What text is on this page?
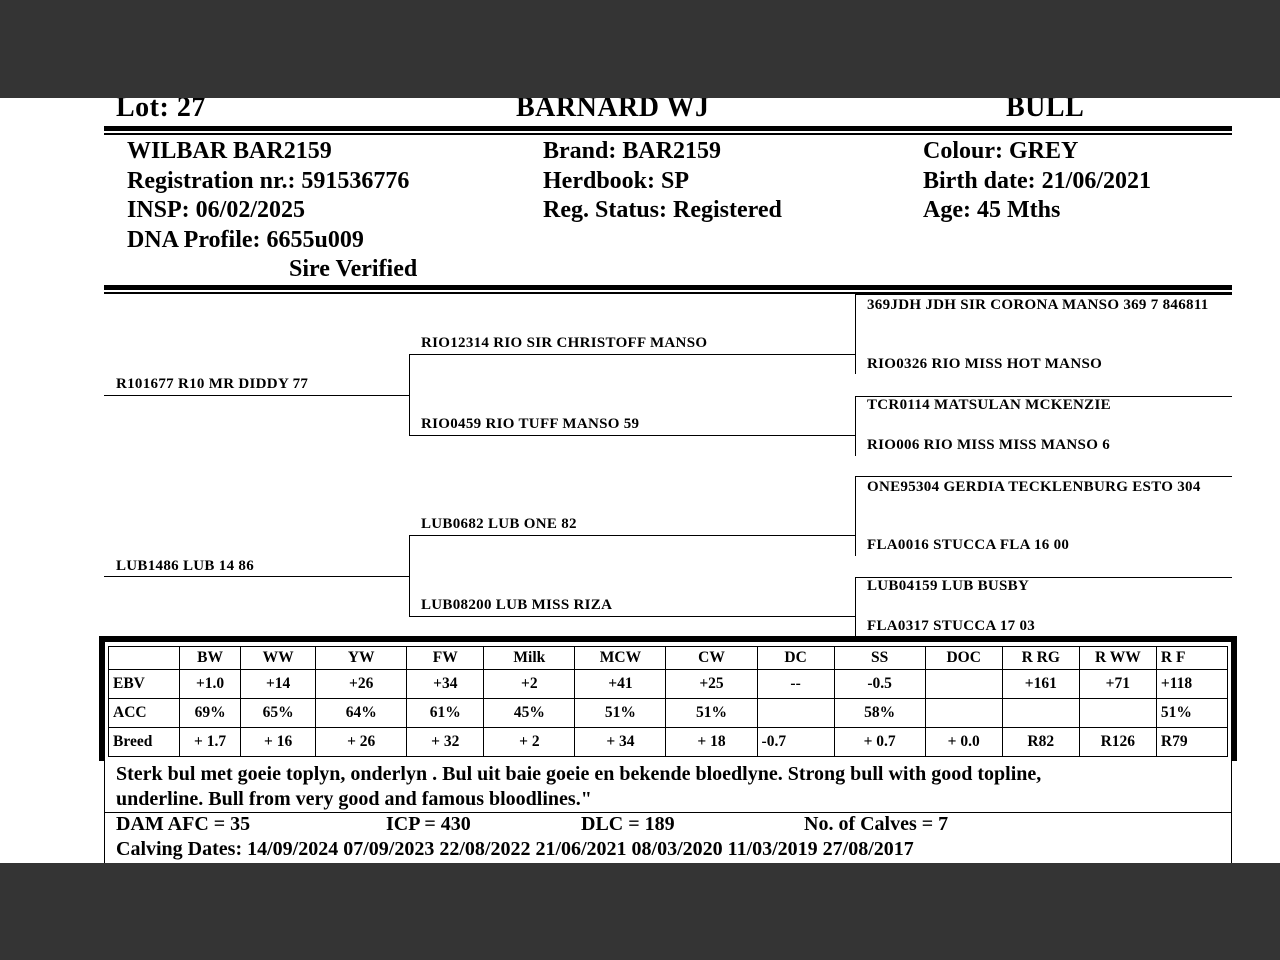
Lot: 27	BARNARD WJ	BULL
WILBAR BAR2159
Registration nr.: 591536776
INSP: 06/02/2025
DNA Profile: 6655u009
Sire Verified
Brand: BAR2159
Herdbook: SP
Reg. Status: Registered
Colour: GREY
Birth date: 21/06/2021
Age: 45 Mths
R101677 R10 MR DIDDY 77
LUB1486 LUB 14 86
RIO12314 RIO SIR CHRISTOFF MANSO
RIO0459 RIO TUFF MANSO 59
LUB0682 LUB ONE 82
LUB08200 LUB MISS RIZA
369JDH JDH SIR CORONA MANSO 369 7 846811
RIO0326 RIO MISS HOT MANSO
TCR0114 MATSULAN MCKENZIE
RIO006 RIO MISS MISS MANSO 6
ONE95304 GERDIA TECKLENBURG ESTO 304
FLA0016 STUCCA FLA 16 00
LUB04159 LUB BUSBY
FLA0317 STUCCA 17 03
	BW	WW	YW	FW	Milk	MCW	CW	DC	SS	DOC	R RG	R WW	R F
EBV	+1.0	+14	+26	+34	+2	+41	+25	--	-0.5		+161	+71	+118
ACC	69%	65%	64%	61%	45%	51%	51%		58%				51%
Breed	+ 1.7	+ 16	+ 26	+ 32	+ 2	+ 34	+ 18	-0.7	+ 0.7	+ 0.0	R82	R126	R79
Sterk bul met goeie toplyn, onderlyn . Bul uit baie goeie en bekende bloedlyne. Strong bull with good topline,
underline. Bull from very good and famous bloodlines."
DAM AFC = 35	ICP = 430	DLC = 189	No. of Calves = 7
Calving Dates: 14/09/2024 07/09/2023 22/08/2022 21/06/2021 08/03/2020 11/03/2019 27/08/2017
